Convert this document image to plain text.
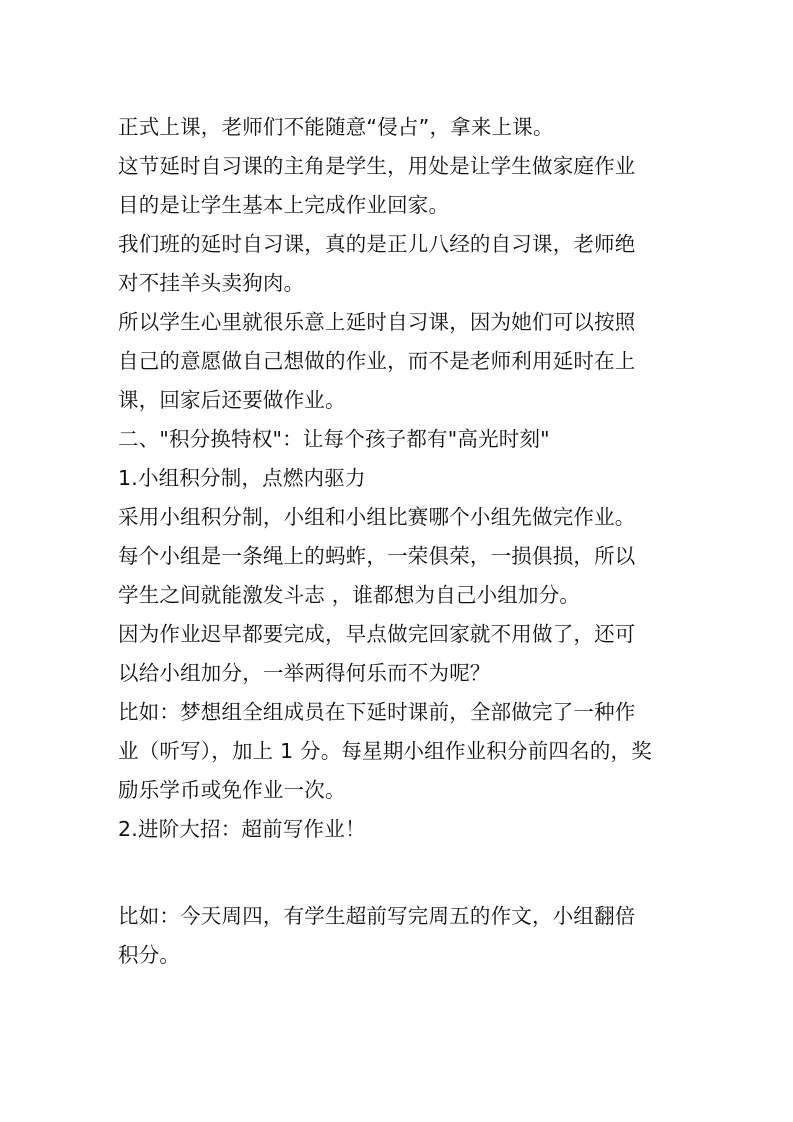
正式上课，老师们不能随意“侵占”，拿来上课。
这节延时自习课的主角是学生，用处是让学生做家庭作业
目的是让学生基本上完成作业回家。
我们班的延时自习课，真的是正儿八经的自习课，老师绝
对不挂羊头卖狗肉。
所以学生心里就很乐意上延时自习课，因为她们可以按照
自己的意愿做自己想做的作业，而不是老师利用延时在上
课，回家后还要做作业。
二、"积分换特权"：让每个孩子都有"高光时刻"
1.小组积分制，点燃内驱力
采用小组积分制，小组和小组比赛哪个小组先做完作业。
每个小组是一条绳上的蚂蚱，一荣俱荣，一损俱损，所以
学生之间就能激发斗志 ，谁都想为自己小组加分。
因为作业迟早都要完成，早点做完回家就不用做了，还可
以给小组加分，一举两得何乐而不为呢？
比如：梦想组全组成员在下延时课前，全部做完了一种作
业（听写），加上 1 分。每星期小组作业积分前四名的，奖
励乐学币或免作业一次。
2.进阶大招：超前写作业！
比如：今天周四，有学生超前写完周五的作文，小组翻倍
积分。
